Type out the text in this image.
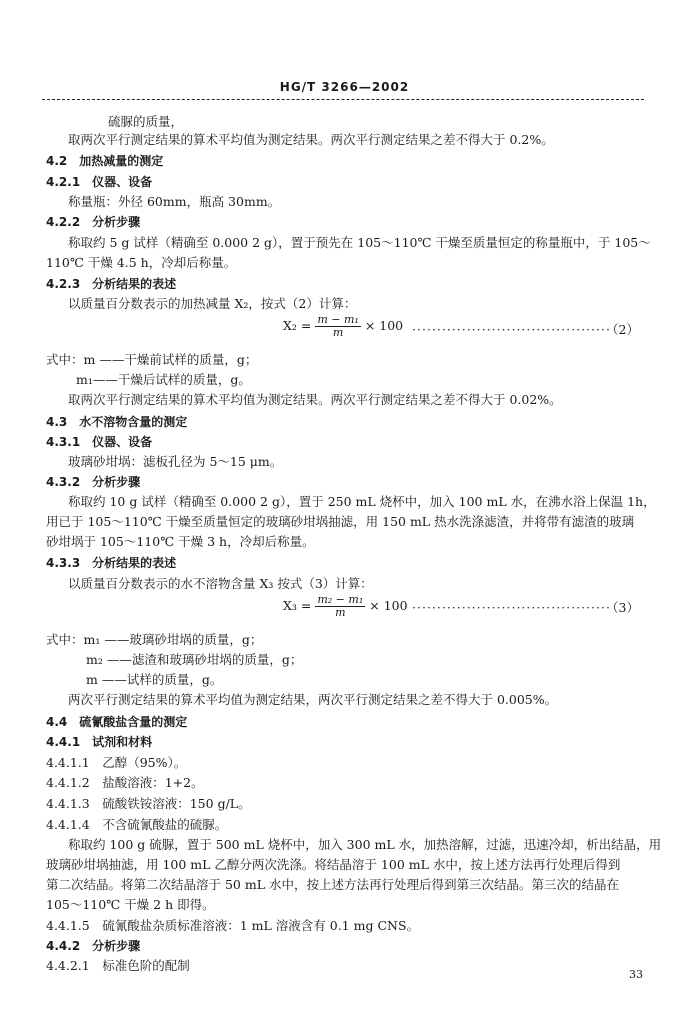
HG/T 3266—2002
硫脲的质量，
取两次平行测定结果的算术平均值为测定结果。两次平行测定结果之差不得大于 0.2%。
4.2　加热减量的测定
4.2.1　仪器、设备
称量瓶：外径 60mm，瓶高 30mm。
4.2.2　分析步骤
称取约 5 g 试样（精确至 0.000 2 g），置于预先在 105～110℃ 干燥至质量恒定的称量瓶中，于 105～
110℃ 干燥 4.5 h，冷却后称量。
4.2.3　分析结果的表述
以质量百分数表示的加热减量 X₂，按式（2）计算：
$X_2 = \frac{\text{m − m₁}}{m} \times 100$ ········································
（2）
式中：m ——干燥前试样的质量，g；
m₁——干燥后试样的质量，g。
取两次平行测定结果的算术平均值为测定结果。两次平行测定结果之差不得大于 0.02%。
4.3　水不溶物含量的测定
4.3.1　仪器、设备
玻璃砂坩埚：滤板孔径为 5～15 μm。
4.3.2　分析步骤
称取约 10 g 试样（精确至 0.000 2 g），置于 250 mL 烧杯中，加入 100 mL 水，在沸水浴上保温 1h，
用已于 105～110℃ 干燥至质量恒定的玻璃砂坩埚抽滤，用 150 mL 热水洗涤滤渣，并将带有滤渣的玻璃
砂坩埚于 105～110℃ 干燥 3 h，冷却后称量。
4.3.3　分析结果的表述
以质量百分数表示的水不溶物含量 X₃ 按式（3）计算：
$X_3 = \frac{\text{m₂ − m₁}}{m} \times 100$ ········································
（3）
式中：m₁ ——玻璃砂坩埚的质量，g；
m₂ ——滤渣和玻璃砂坩埚的质量，g；
m ——试样的质量，g。
两次平行测定结果的算术平均值为测定结果，两次平行测定结果之差不得大于 0.005%。
4.4　硫氰酸盐含量的测定
4.4.1　试剂和材料
4.4.1.1　乙醇（95%）。
4.4.1.2　盐酸溶液：1+2。
4.4.1.3　硫酸铁铵溶液：150 g/L。
4.4.1.4　不含硫氰酸盐的硫脲。
称取约 100 g 硫脲，置于 500 mL 烧杯中，加入 300 mL 水，加热溶解，过滤，迅速冷却，析出结晶，用
玻璃砂坩埚抽滤，用 100 mL 乙醇分两次洗涤。将结晶溶于 100 mL 水中，按上述方法再行处理后得到
第二次结晶。将第二次结晶溶于 50 mL 水中，按上述方法再行处理后得到第三次结晶。第三次的结晶在
105～110℃ 干燥 2 h 即得。
4.4.1.5　硫氰酸盐杂质标准溶液：1 mL 溶液含有 0.1 mg CNS。
4.4.2　分析步骤
4.4.2.1　标准色阶的配制
33
